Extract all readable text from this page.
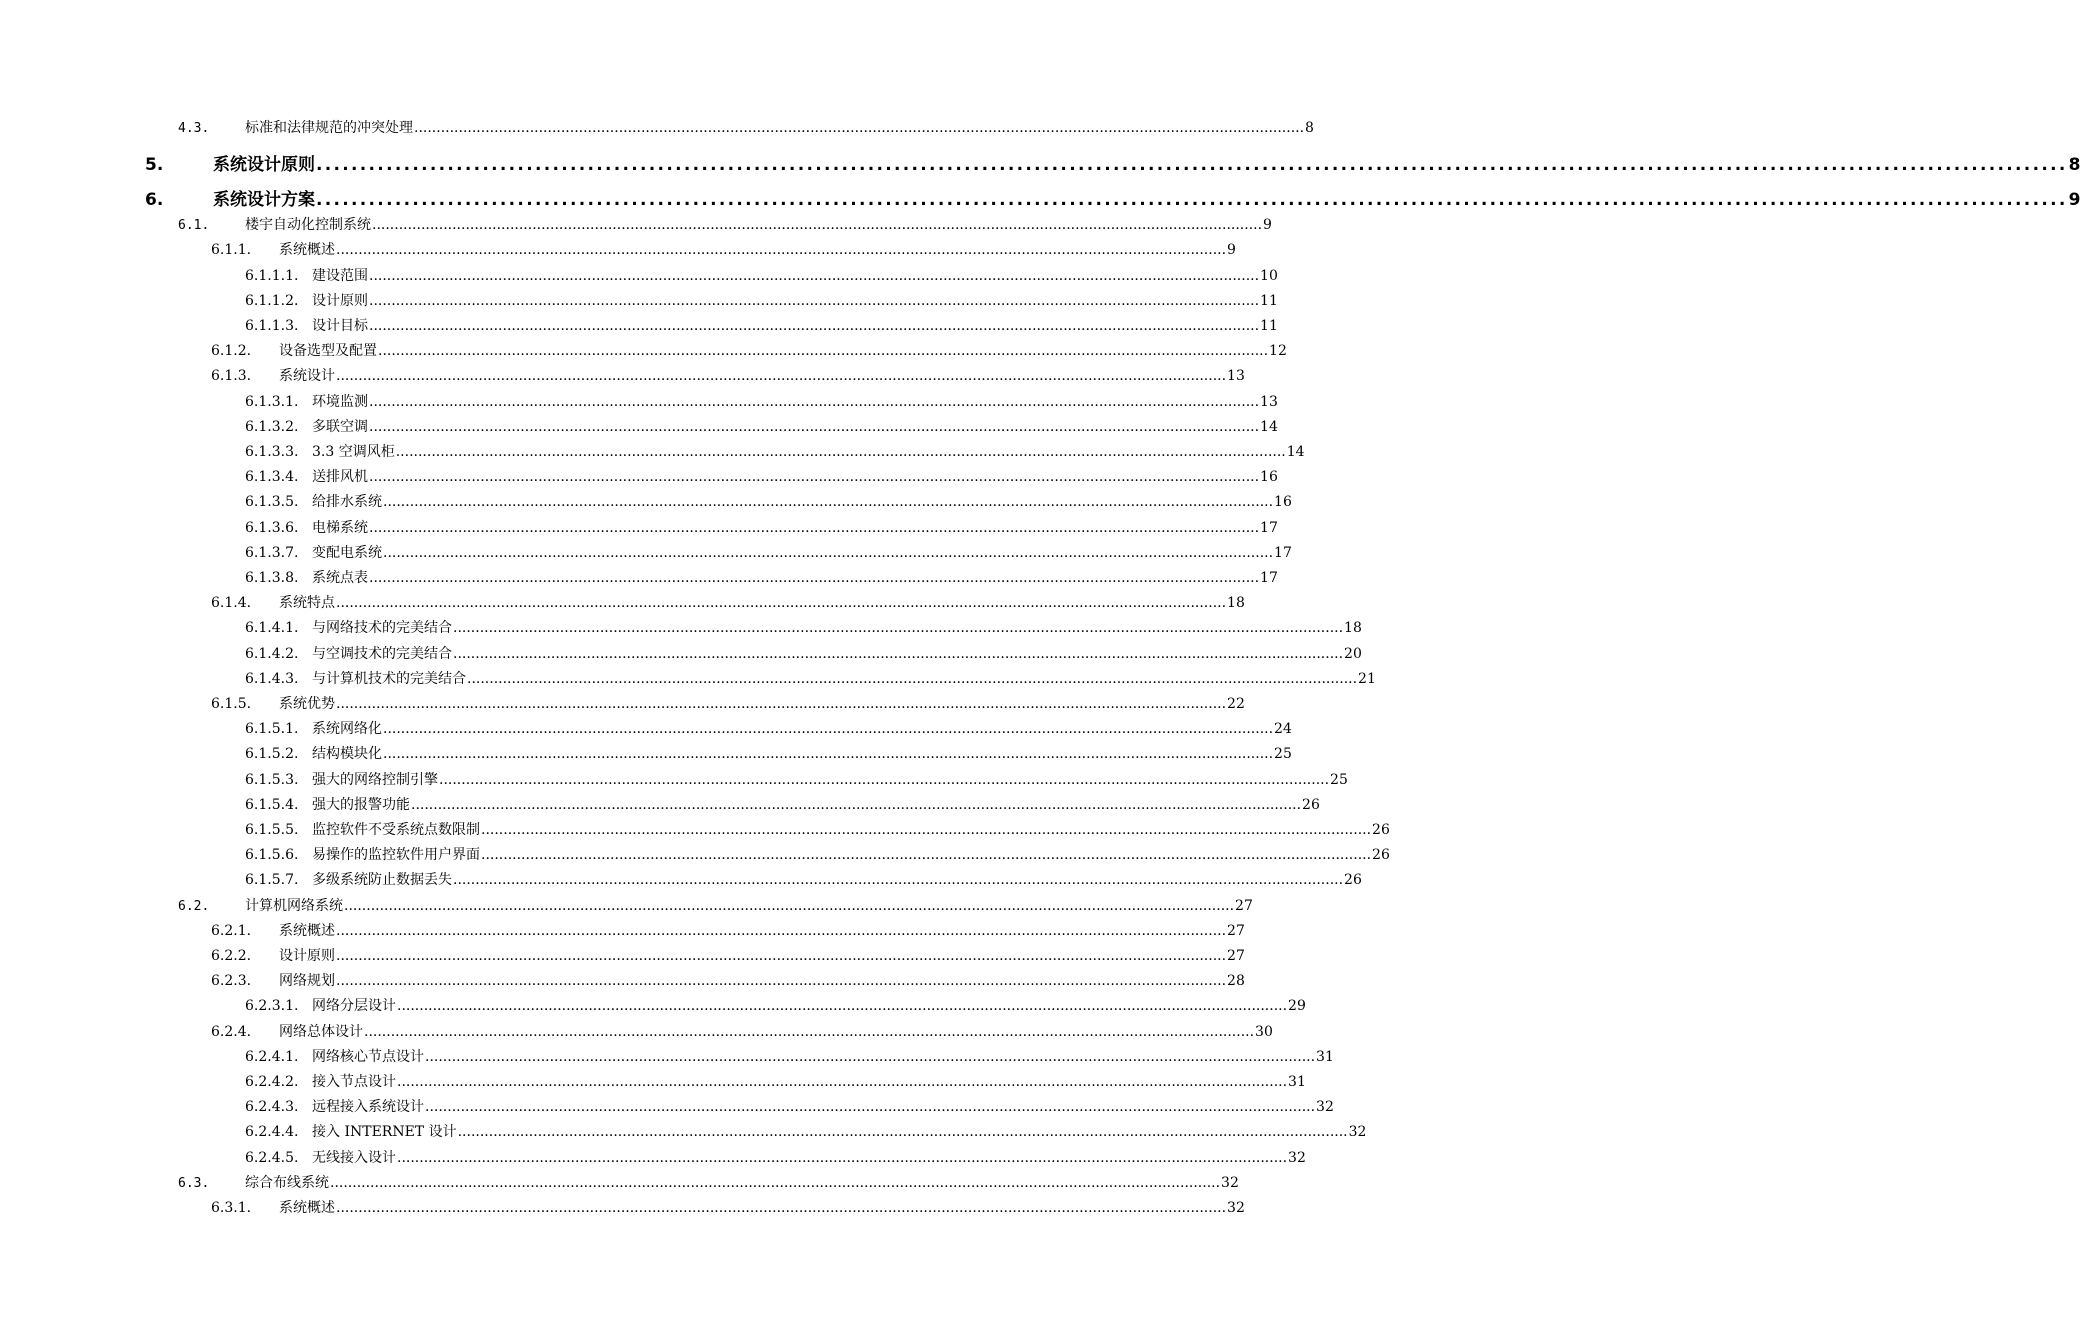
4.3.	标准和法律规范的冲突处理 ........................................................................................................................................................................................................ 8
5.	系统设计原则 ........................................................................................................................................................................................................ 8
6.	系统设计方案 ........................................................................................................................................................................................................ 9
6.1.	楼宇自动化控制系统 ........................................................................................................................................................................................................ 9
6.1.1.	系统概述 ........................................................................................................................................................................................................ 9
6.1.1.1. 建设范围 ........................................................................................................................................................................................................ 10
6.1.1.2. 设计原则 ........................................................................................................................................................................................................ 11
6.1.1.3. 设计目标 ........................................................................................................................................................................................................ 11
6.1.2.	设备选型及配置 ........................................................................................................................................................................................................ 12
6.1.3.	系统设计 ........................................................................................................................................................................................................ 13
6.1.3.1. 环境监测 ........................................................................................................................................................................................................ 13
6.1.3.2. 多联空调 ........................................................................................................................................................................................................ 14
6.1.3.3. 3.3 空调风柜 ........................................................................................................................................................................................................ 14
6.1.3.4. 送排风机 ........................................................................................................................................................................................................ 16
6.1.3.5. 给排水系统 ........................................................................................................................................................................................................ 16
6.1.3.6. 电梯系统 ........................................................................................................................................................................................................ 17
6.1.3.7. 变配电系统 ........................................................................................................................................................................................................ 17
6.1.3.8. 系统点表 ........................................................................................................................................................................................................ 17
6.1.4.	系统特点 ........................................................................................................................................................................................................ 18
6.1.4.1. 与网络技术的完美结合 ........................................................................................................................................................................................................ 18
6.1.4.2. 与空调技术的完美结合 ........................................................................................................................................................................................................ 20
6.1.4.3. 与计算机技术的完美结合 ........................................................................................................................................................................................................ 21
6.1.5.	系统优势 ........................................................................................................................................................................................................ 22
6.1.5.1. 系统网络化 ........................................................................................................................................................................................................ 24
6.1.5.2. 结构模块化 ........................................................................................................................................................................................................ 25
6.1.5.3. 强大的网络控制引擎 ........................................................................................................................................................................................................ 25
6.1.5.4. 强大的报警功能 ........................................................................................................................................................................................................ 26
6.1.5.5. 监控软件不受系统点数限制 ........................................................................................................................................................................................................ 26
6.1.5.6. 易操作的监控软件用户界面 ........................................................................................................................................................................................................ 26
6.1.5.7. 多级系统防止数据丢失 ........................................................................................................................................................................................................ 26
6.2.	计算机网络系统 ........................................................................................................................................................................................................ 27
6.2.1.	系统概述 ........................................................................................................................................................................................................ 27
6.2.2.	设计原则 ........................................................................................................................................................................................................ 27
6.2.3.	网络规划 ........................................................................................................................................................................................................ 28
6.2.3.1. 网络分层设计 ........................................................................................................................................................................................................ 29
6.2.4.	网络总体设计 ........................................................................................................................................................................................................ 30
6.2.4.1. 网络核心节点设计 ........................................................................................................................................................................................................ 31
6.2.4.2. 接入节点设计 ........................................................................................................................................................................................................ 31
6.2.4.3. 远程接入系统设计 ........................................................................................................................................................................................................ 32
6.2.4.4. 接入 INTERNET 设计 ........................................................................................................................................................................................................ 32
6.2.4.5. 无线接入设计 ........................................................................................................................................................................................................ 32
6.3.	综合布线系统 ........................................................................................................................................................................................................ 32
6.3.1.	系统概述 ........................................................................................................................................................................................................ 32
